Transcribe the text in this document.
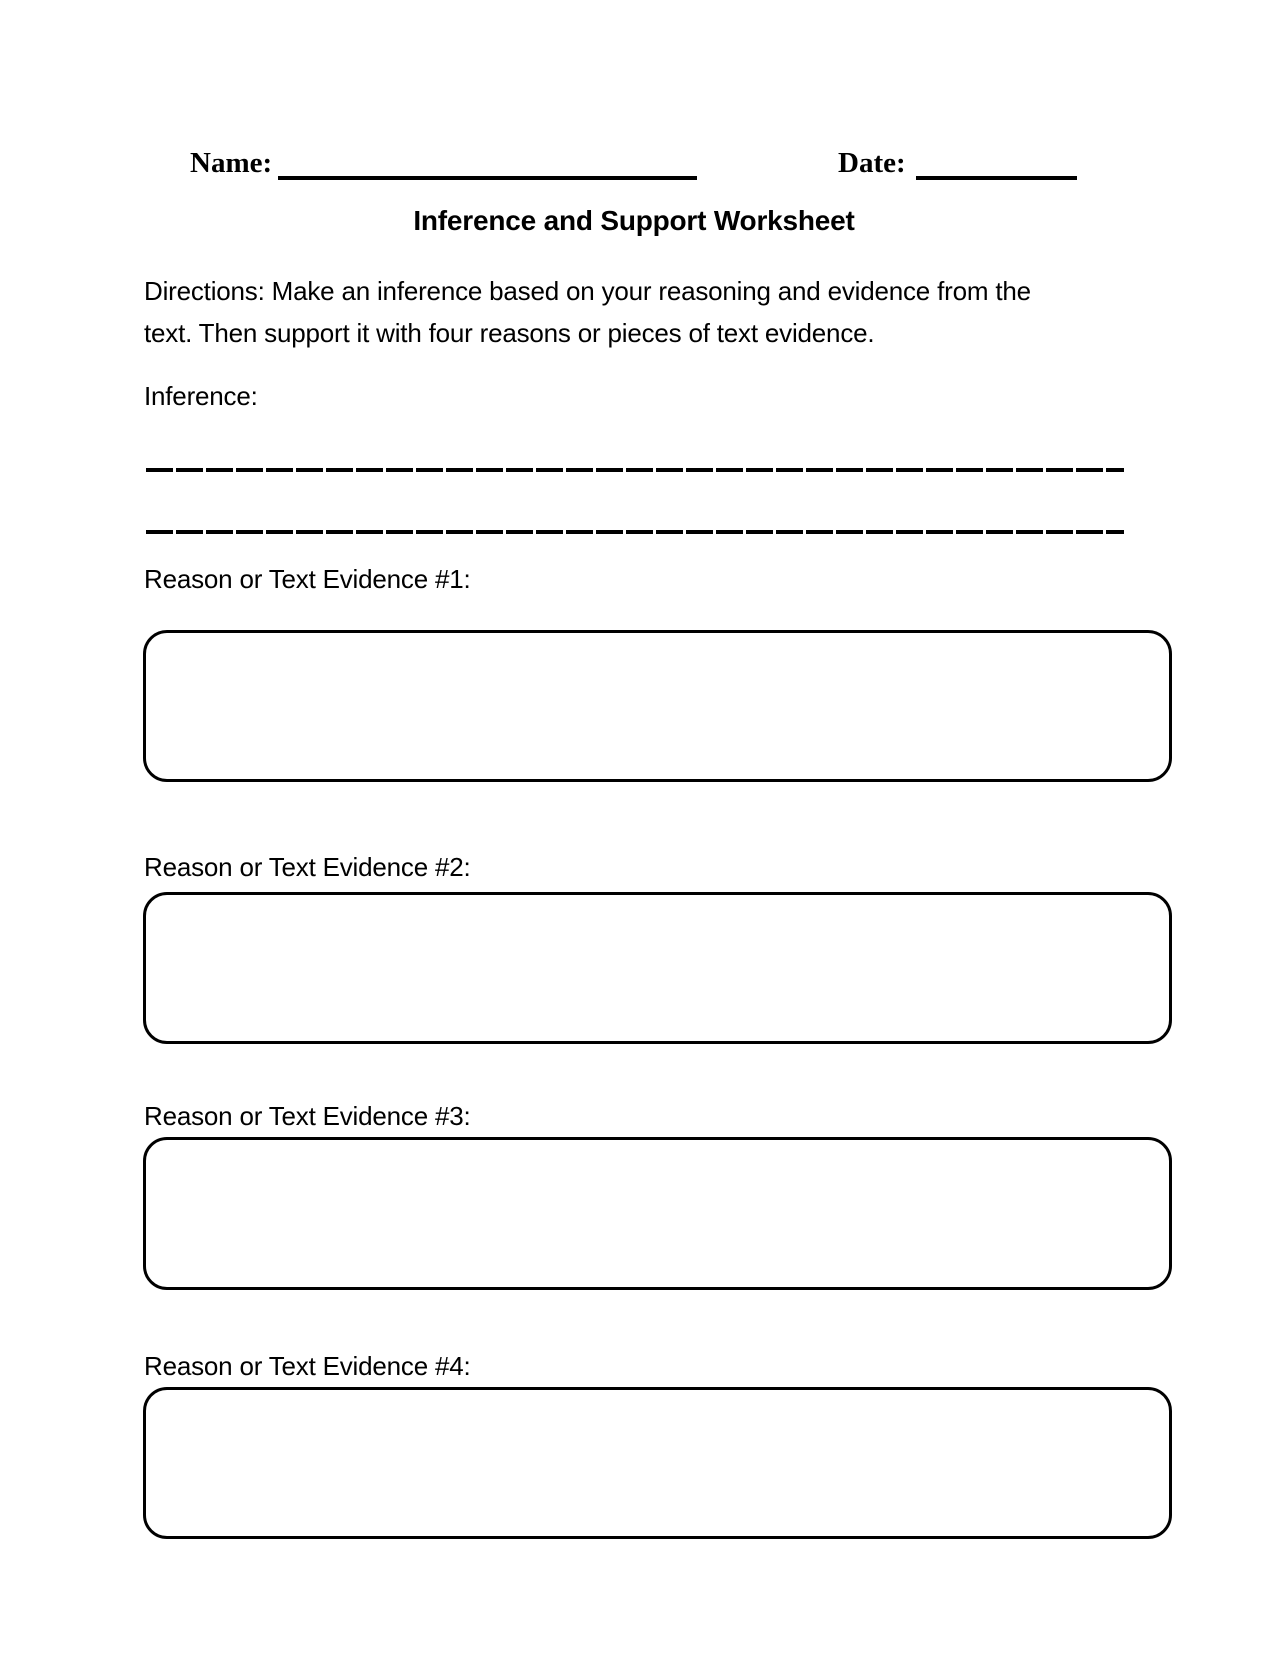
Name:	Date:
Inference and Support Worksheet
Directions: Make an inference based on your reasoning and evidence from the
text. Then support it with four reasons or pieces of text evidence.
Inference:
Reason or Text Evidence #1:
Reason or Text Evidence #2:
Reason or Text Evidence #3:
Reason or Text Evidence #4:
